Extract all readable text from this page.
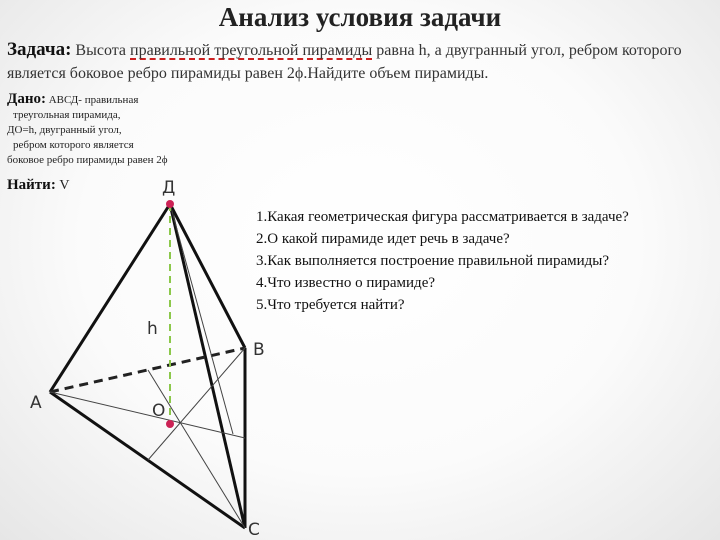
Анализ условия задачи
Задача: Высота правильной треугольной пирамиды равна h, а двугранный угол, ребром которого является боковое ребро пирамиды равен 2ϕ.Найдите объем пирамиды.
Дано: АВСД- правильная
треугольная пирамида,
ДО=h, двугранный угол,
ребром которого является
боковое ребро пирамиды равен 2ϕ
Найти: V
1.Какая геометрическая фигура рассматривается в задаче?
2.О какой пирамиде идет речь в задаче?
3.Как выполняется построение правильной пирамиды?
4.Что известно о пирамиде?
5.Что требуется найти?
Д
А
В
С
О
h
